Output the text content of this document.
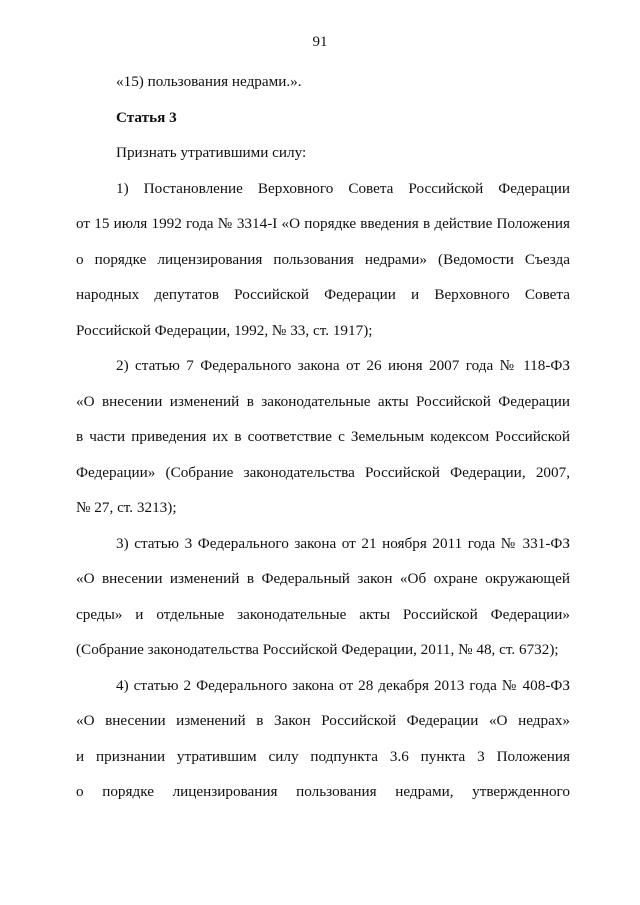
91
«15) пользования недрами.».
Статья 3
Признать утратившими силу:
1) Постановление Верховного Совета Российской Федерации
от 15 июля 1992 года № 3314-I «О порядке введения в действие Положения
о порядке лицензирования пользования недрами» (Ведомости Съезда
народных депутатов Российской Федерации и Верховного Совета
Российской Федерации, 1992, № 33, ст. 1917);
2) статью 7 Федерального закона от 26 июня 2007 года № 118-ФЗ
«О внесении изменений в законодательные акты Российской Федерации
в части приведения их в соответствие с Земельным кодексом Российской
Федерации» (Собрание законодательства Российской Федерации, 2007,
№ 27, ст. 3213);
3) статью 3 Федерального закона от 21 ноября 2011 года № 331-ФЗ
«О внесении изменений в Федеральный закон «Об охране окружающей
среды» и отдельные законодательные акты Российской Федерации»
(Собрание законодательства Российской Федерации, 2011, № 48, ст. 6732);
4) статью 2 Федерального закона от 28 декабря 2013 года № 408-ФЗ
«О внесении изменений в Закон Российской Федерации «О недрах»
и признании утратившим силу подпункта 3.6 пункта 3 Положения
о порядке лицензирования пользования недрами, утвержденного
